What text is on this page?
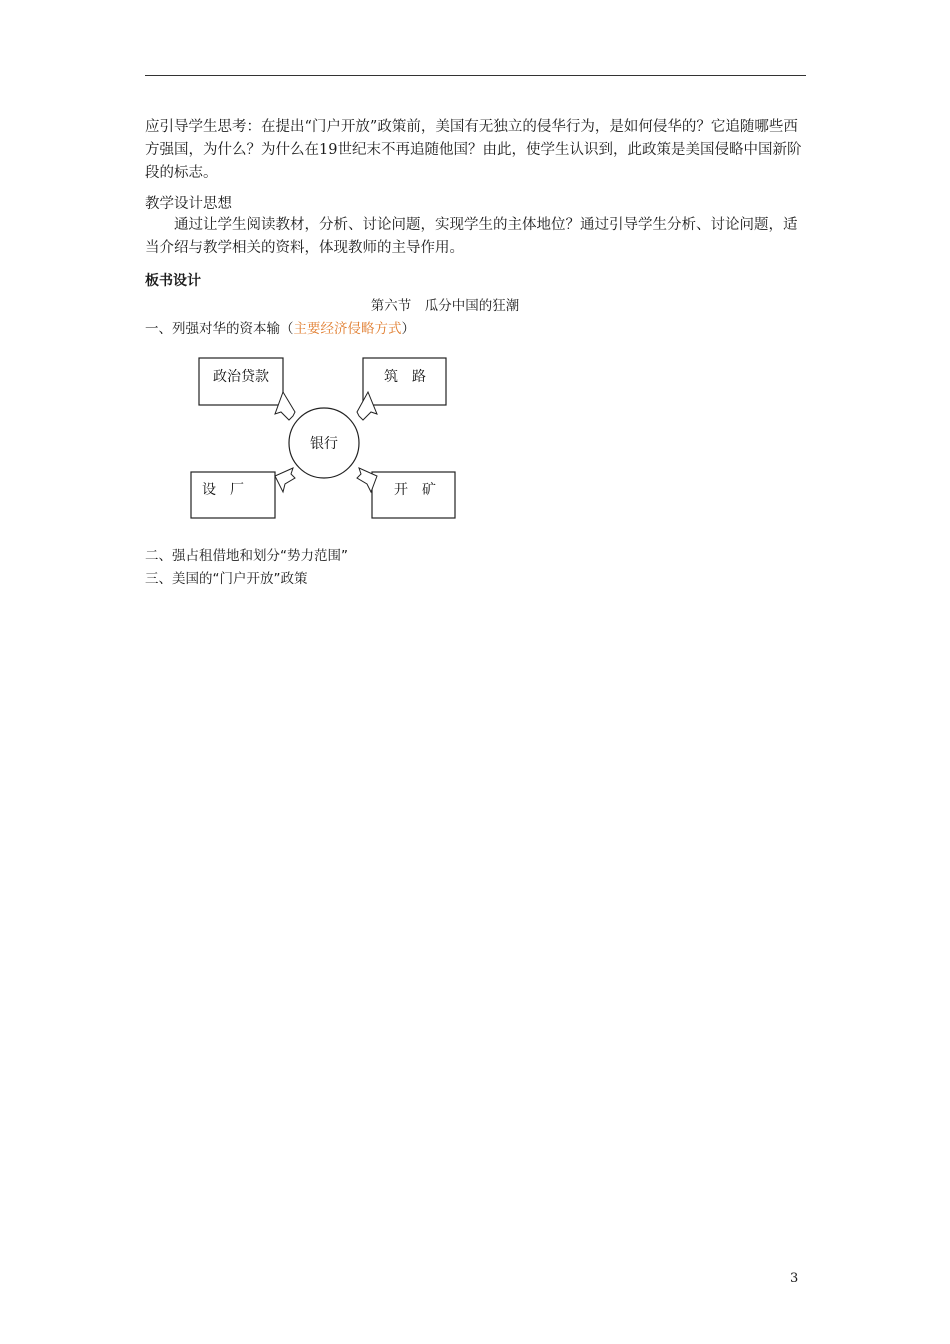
应引导学生思考：在提出“门户开放”政策前，美国有无独立的侵华行为，是如何侵华的？它追随哪些西方强国，为什么？为什么在19世纪末不再追随他国？由此，使学生认识到，此政策是美国侵略中国新阶段的标志。

教学设计思想

通过让学生阅读教材，分析、讨论问题，实现学生的主体地位？通过引导学生分析、讨论问题，适当介绍与教学相关的资料，体现教师的主导作用。

板书设计
第六节　瓜分中国的狂潮
一、列强对华的资本输（主要经济侵略方式）
银行
政治贷款	筑　路
设　厂	开　矿
二、强占租借地和划分“势力范围”
三、美国的“门户开放”政策
3
